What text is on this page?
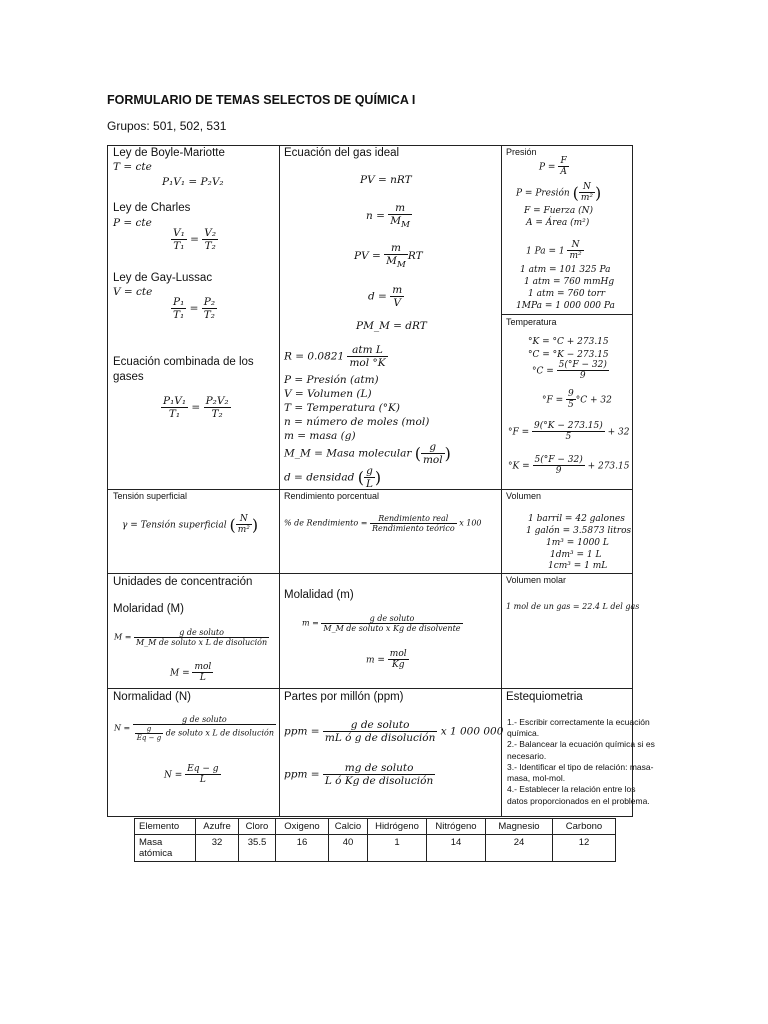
FORMULARIO DE TEMAS SELECTOS DE QUÍMICA I
Grupos: 501, 502, 531
Ley de Boyle-Mariotte
T = cte
P₁V₁ = P₂V₂
Ley de Charles
P = cte
$\frac{\text{V₁}}{\text{T₁}} = \frac{\text{V₂}}{\text{T₂}}$
Ley de Gay-Lussac
V = cte
$\frac{\text{P₁}}{\text{T₁}} = \frac{\text{P₂}}{\text{T₂}}$
Ecuación combinada de los gases
$\frac{\text{P₁V₁}}{\text{T₁}} = \frac{\text{P₂V₂}}{\text{T₂}}$
Ecuación del gas ideal
PV = nRT
$n = \frac{m}{M_M}$
PV = $\frac{m}{M_M}$ RT
$d = \frac{m}{V}$
PM_M = dRT
$R = 0.0821 \frac{\text{atm L}}{\text{mol °K}}$
P = Presión (atm)
V = Volumen (L)
T = Temperatura (°K)
n = número de moles (mol)
m = masa (g)
M_M = Masa molecular ( $\frac{g}{\text{mol}}$ )
d = densidad ( $\frac{g}{L}$ )
Presión
$P = \frac{F}{A}$
P = Presión ( $\frac{N}{\text{m²}}$ )
F = Fuerza (N)
A = Área (m²)
1 $Pa = 1 \frac{N}{\text{m²}}$
1 atm = 101 325 Pa
1 atm = 760 mmHg
1 atm = 760 torr
1MPa = 1 000 000 Pa
Temperatura
°K = °C + 273.15
°C = °K − 273.15
$^\circ C = \frac{5(^\circ F - 32)}{9}$
$^\circ F = \frac{9}{5} ^\circ C + 32$
$^\circ F = \frac{9(^\circ K - 273.15)}{5} + 32$
$^\circ K = \frac{5(^\circ F - 32)}{9} + 273.15$
Tensión superficial
γ = Tensión superficial ( $\frac{N}{\text{m²}}$ )
Rendimiento porcentual
% de Rendimiento = $\frac{\text{Rendimiento real}}{\text{Rendimiento teórico}}$ x 100
Volumen
1 barril = 42 galones
1 galón = 3.5873 litros
1m³ = 1000 L
1dm³ = 1 L
1cm³ = 1 mL
Unidades de concentración
Molaridad (M)
$M = \frac{\text{g de soluto}}{\text{M\_M de soluto x L de disolución}}$
$M = \frac{\text{mol}}{L}$
Molalidad (m)
$m = \frac{\text{g de soluto}}{\text{M\_M de soluto x Kg de disolvente}}$
$m = \frac{\text{mol}}{Kg}$
Volumen molar
1 mol de un gas = 22.4 L del gas
Normalidad (N)
$N = \frac{\text{g de soluto}}{\frac{g}{Eq - g} de soluto x L de disolución}$
$N = \frac{Eq - g}{L}$
Partes por millón (ppm)
ppm = $\frac{\text{g de soluto}}{\text{mL ó g de disolución}}$ x 1 000 000
ppm = $\frac{\text{mg de soluto}}{\text{L ó Kg de disolución}}$
Estequiometria
1.- Escribir correctamente la ecuación química.
2.- Balancear la ecuación química si es necesario.
3.- Identificar el tipo de relación: masa-masa, mol-mol.
4.- Establecer la relación entre los datos proporcionados en el problema.
Elemento	Azufre	Cloro	Oxigeno	Calcio	Hidrógeno	Nitrógeno	Magnesio	Carbono
Masa atómica	32	35.5	16	40	1	14	24	12
